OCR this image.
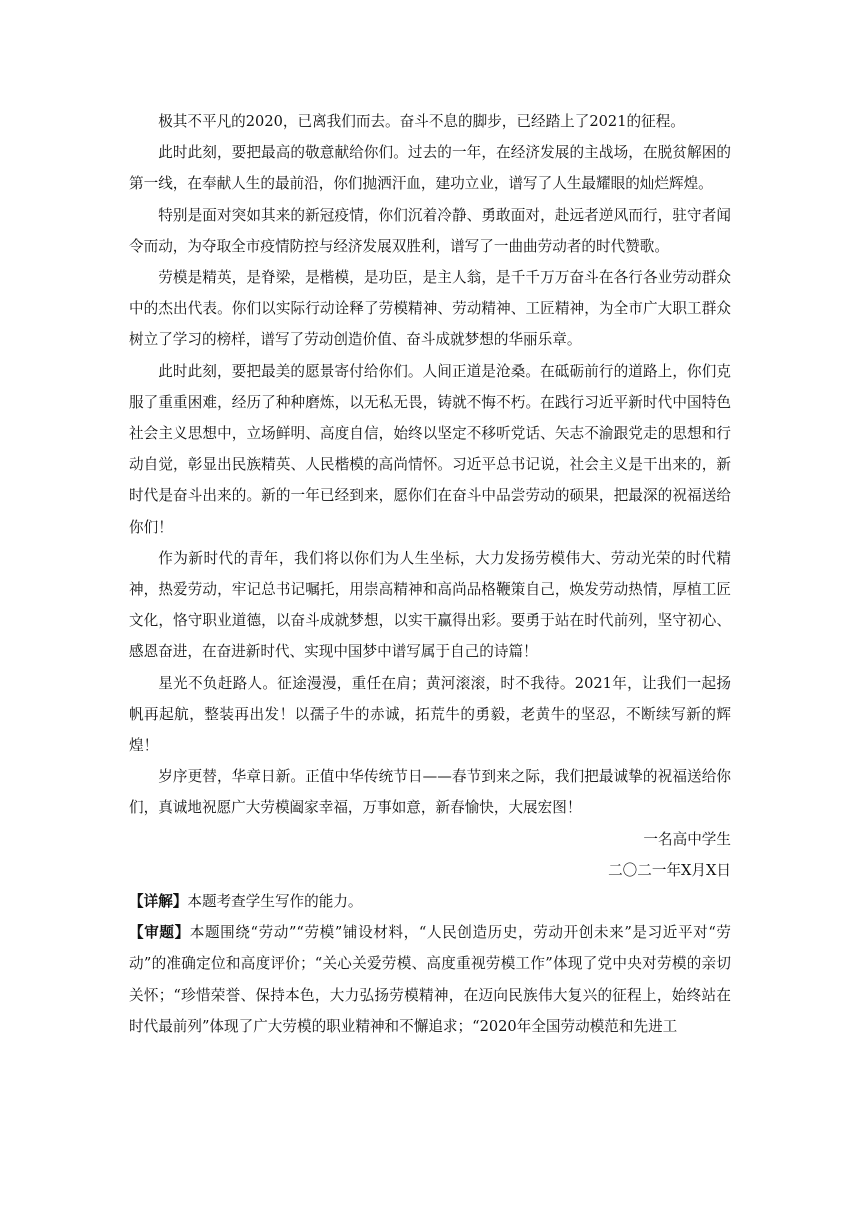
极其不平凡的2020，已离我们而去。奋斗不息的脚步，已经踏上了2021的征程。

此时此刻，要把最高的敬意献给你们。过去的一年，在经济发展的主战场，在脱贫解困的第一线，在奉献人生的最前沿，你们抛洒汗血，建功立业，谱写了人生最耀眼的灿烂辉煌。

特别是面对突如其来的新冠疫情，你们沉着冷静、勇敢面对，赴远者逆风而行，驻守者闻令而动，为夺取全市疫情防控与经济发展双胜利，谱写了一曲曲劳动者的时代赞歌。

劳模是精英，是脊梁，是楷模，是功臣，是主人翁，是千千万万奋斗在各行各业劳动群众中的杰出代表。你们以实际行动诠释了劳模精神、劳动精神、工匠精神，为全市广大职工群众树立了学习的榜样，谱写了劳动创造价值、奋斗成就梦想的华丽乐章。

此时此刻，要把最美的愿景寄付给你们。人间正道是沧桑。在砥砺前行的道路上，你们克服了重重困难，经历了种种磨炼，以无私无畏，铸就不悔不朽。在践行习近平新时代中国特色社会主义思想中，立场鲜明、高度自信，始终以坚定不移听党话、矢志不渝跟党走的思想和行动自觉，彰显出民族精英、人民楷模的高尚情怀。习近平总书记说，社会主义是干出来的，新时代是奋斗出来的。新的一年已经到来，愿你们在奋斗中品尝劳动的硕果，把最深的祝福送给你们！

作为新时代的青年，我们将以你们为人生坐标，大力发扬劳模伟大、劳动光荣的时代精神，热爱劳动，牢记总书记嘱托，用崇高精神和高尚品格鞭策自己，焕发劳动热情，厚植工匠文化，恪守职业道德，以奋斗成就梦想，以实干赢得出彩。要勇于站在时代前列，坚守初心、感恩奋进，在奋进新时代、实现中国梦中谱写属于自己的诗篇！

星光不负赶路人。征途漫漫，重任在肩；黄河滚滚，时不我待。2021年，让我们一起扬帆再起航，整装再出发！以孺子牛的赤诚，拓荒牛的勇毅，老黄牛的坚忍，不断续写新的辉煌！

岁序更替，华章日新。正值中华传统节日——春节到来之际，我们把最诚挚的祝福送给你们，真诚地祝愿广大劳模阖家幸福，万事如意，新春愉快，大展宏图！

一名高中学生

二〇二一年X月X日

【详解】本题考查学生写作的能力。

【审题】本题围绕“劳动”“劳模”铺设材料，“人民创造历史，劳动开创未来”是习近平对“劳动”的准确定位和高度评价；“关心关爱劳模、高度重视劳模工作”体现了党中央对劳模的亲切关怀；“珍惜荣誉、保持本色，大力弘扬劳模精神，在迈向民族伟大复兴的征程上，始终站在时代最前列”体现了广大劳模的职业精神和不懈追求；“2020年全国劳动模范和先进工
